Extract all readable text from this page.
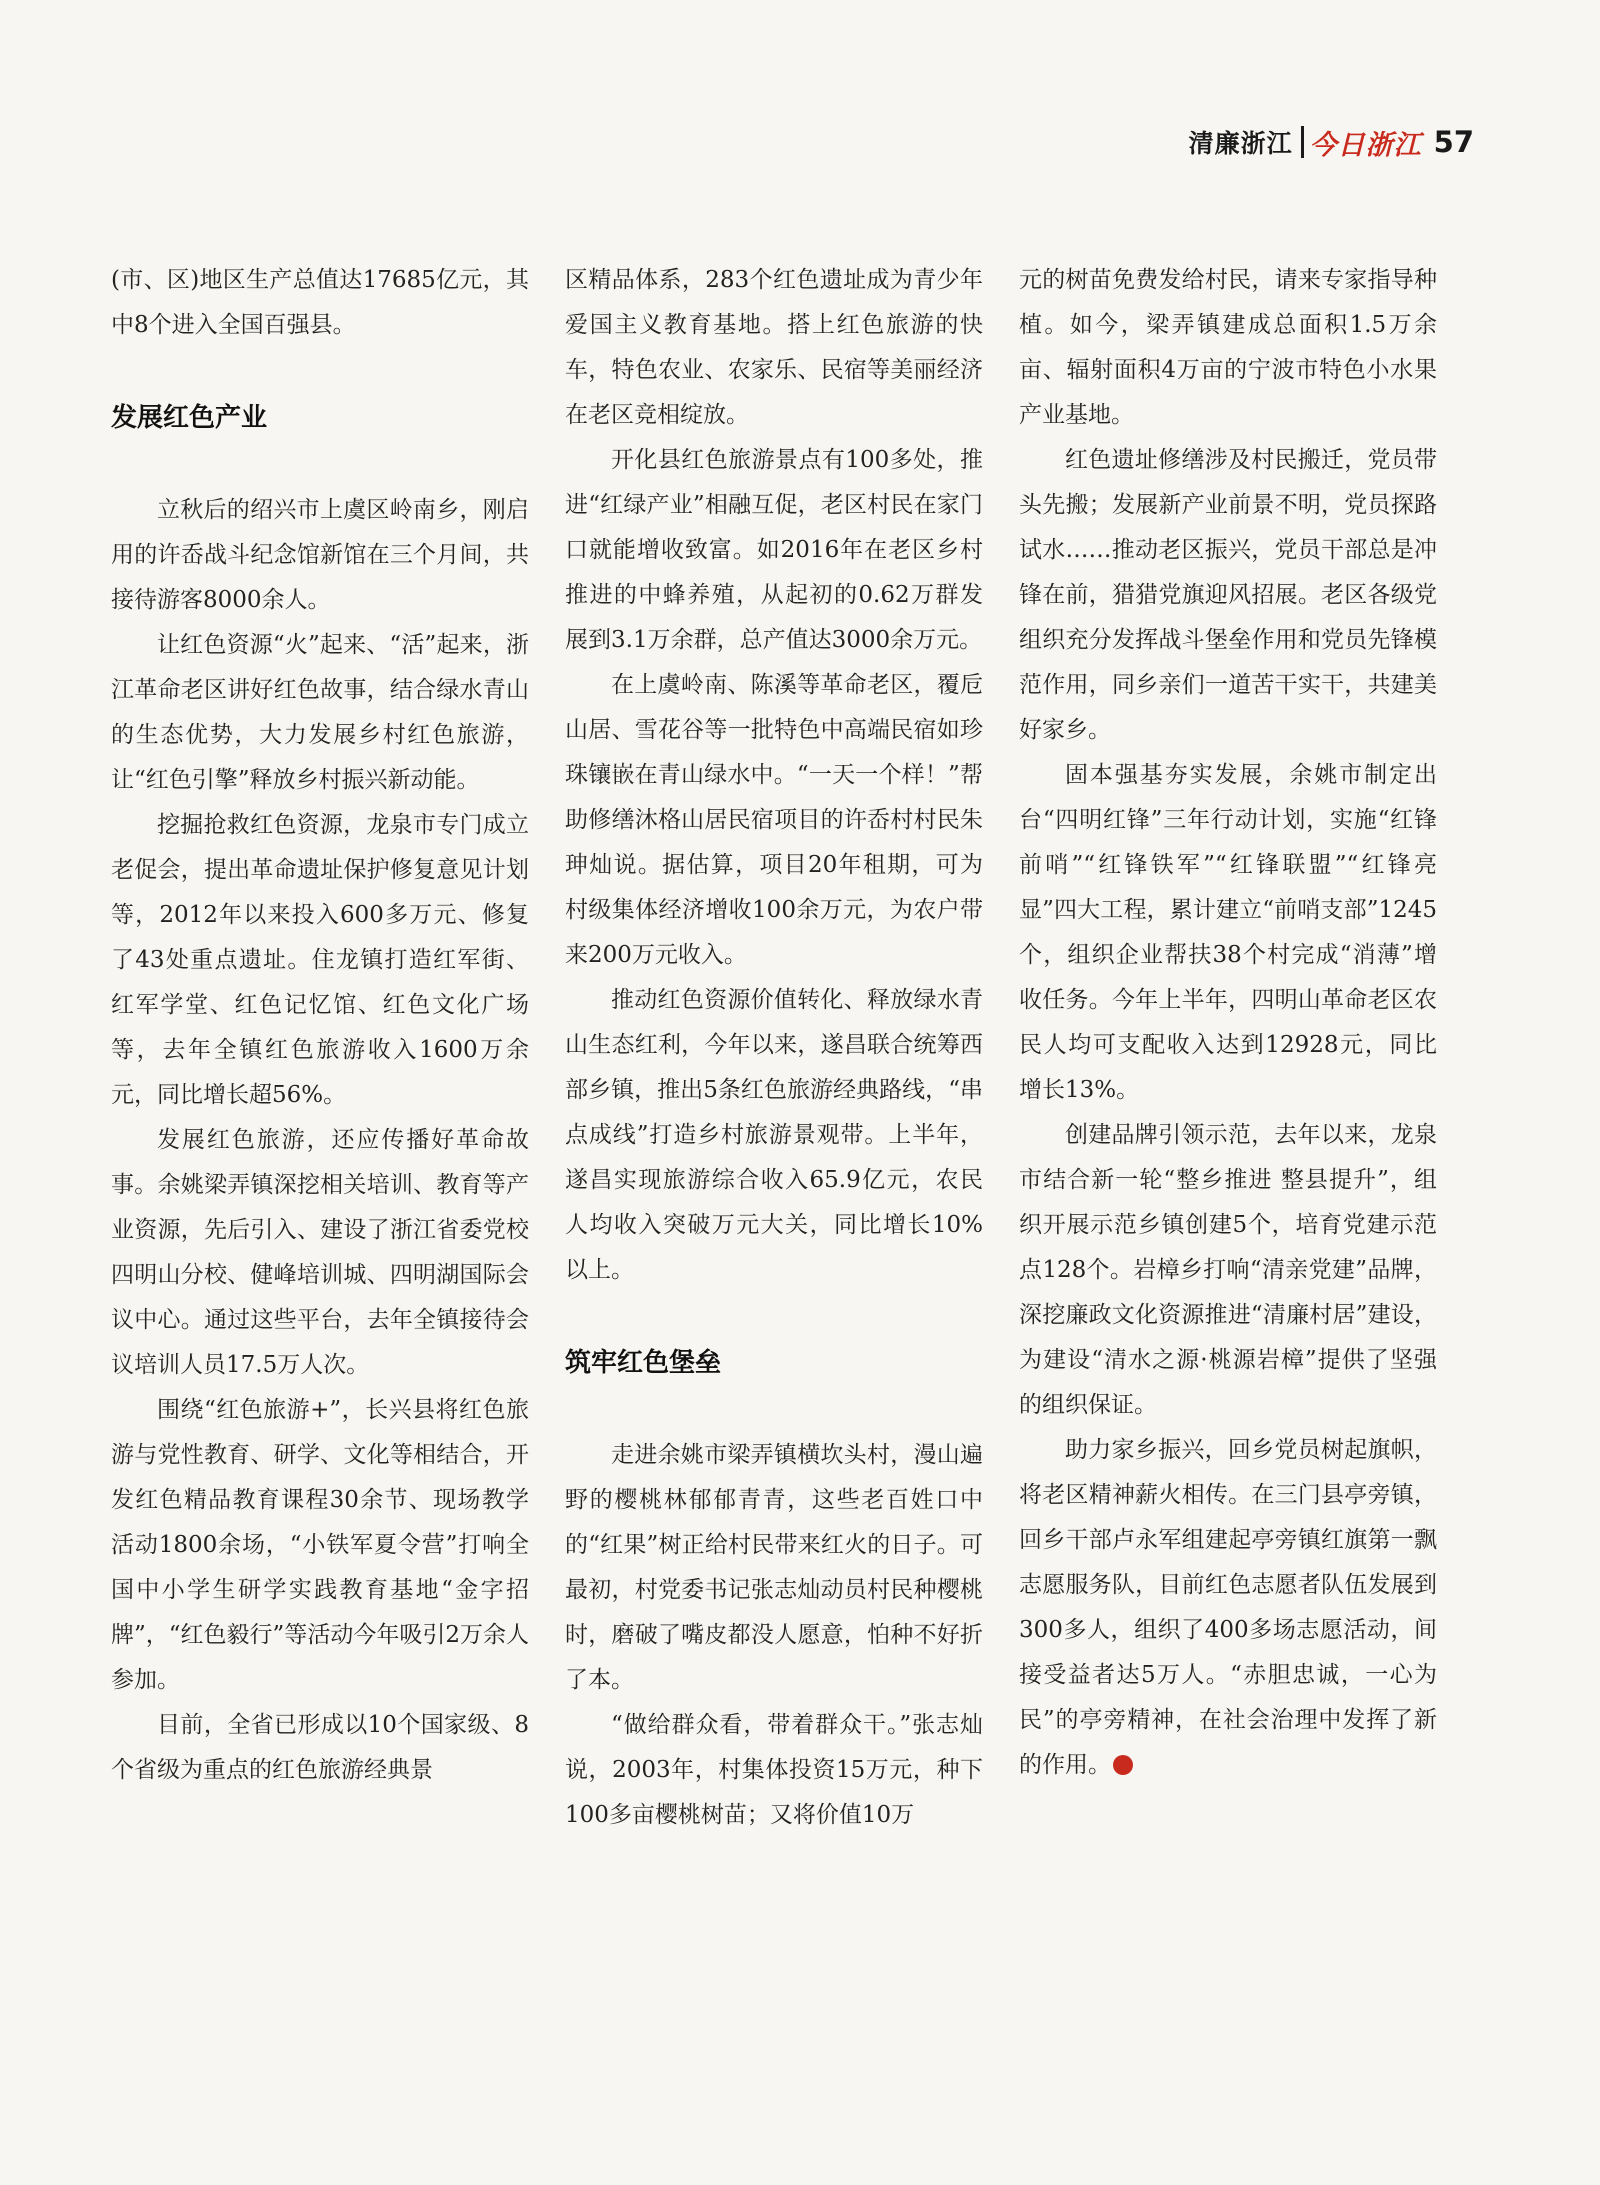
清廉浙江 今日浙江 57

(市、区)地区生产总值达17685亿元，其中8个进入全国百强县。

发展红色产业

立秋后的绍兴市上虞区岭南乡，刚启用的许岙战斗纪念馆新馆在三个月间，共接待游客8000余人。

让红色资源“火”起来、“活”起来，浙江革命老区讲好红色故事，结合绿水青山的生态优势，大力发展乡村红色旅游，让“红色引擎”释放乡村振兴新动能。

挖掘抢救红色资源，龙泉市专门成立老促会，提出革命遗址保护修复意见计划等，2012年以来投入600多万元、修复了43处重点遗址。住龙镇打造红军街、红军学堂、红色记忆馆、红色文化广场等，去年全镇红色旅游收入1600万余元，同比增长超56%。

发展红色旅游，还应传播好革命故事。余姚梁弄镇深挖相关培训、教育等产业资源，先后引入、建设了浙江省委党校四明山分校、健峰培训城、四明湖国际会议中心。通过这些平台，去年全镇接待会议培训人员17.5万人次。

围绕“红色旅游+”，长兴县将红色旅游与党性教育、研学、文化等相结合，开发红色精品教育课程30余节、现场教学活动1800余场，“小铁军夏令营”打响全国中小学生研学实践教育基地“金字招牌”，“红色毅行”等活动今年吸引2万余人参加。

目前，全省已形成以10个国家级、8个省级为重点的红色旅游经典景

区精品体系，283个红色遗址成为青少年爱国主义教育基地。搭上红色旅游的快车，特色农业、农家乐、民宿等美丽经济在老区竞相绽放。

开化县红色旅游景点有100多处，推进“红绿产业”相融互促，老区村民在家门口就能增收致富。如2016年在老区乡村推进的中蜂养殖，从起初的0.62万群发展到3.1万余群，总产值达3000余万元。

在上虞岭南、陈溪等革命老区，覆卮山居、雪花谷等一批特色中高端民宿如珍珠镶嵌在青山绿水中。“一天一个样！”帮助修缮沐格山居民宿项目的许岙村村民朱珅灿说。据估算，项目20年租期，可为村级集体经济增收100余万元，为农户带来200万元收入。

推动红色资源价值转化、释放绿水青山生态红利，今年以来，遂昌联合统筹西部乡镇，推出5条红色旅游经典路线，“串点成线”打造乡村旅游景观带。上半年，遂昌实现旅游综合收入65.9亿元，农民人均收入突破万元大关，同比增长10%以上。

筑牢红色堡垒

走进余姚市梁弄镇横坎头村，漫山遍野的樱桃林郁郁青青，这些老百姓口中的“红果”树正给村民带来红火的日子。可最初，村党委书记张志灿动员村民种樱桃时，磨破了嘴皮都没人愿意，怕种不好折了本。

“做给群众看，带着群众干。”张志灿说，2003年，村集体投资15万元，种下100多亩樱桃树苗；又将价值10万

元的树苗免费发给村民，请来专家指导种植。如今，梁弄镇建成总面积1.5万余亩、辐射面积4万亩的宁波市特色小水果产业基地。

红色遗址修缮涉及村民搬迁，党员带头先搬；发展新产业前景不明，党员探路试水……推动老区振兴，党员干部总是冲锋在前，猎猎党旗迎风招展。老区各级党组织充分发挥战斗堡垒作用和党员先锋模范作用，同乡亲们一道苦干实干，共建美好家乡。

固本强基夯实发展，余姚市制定出台“四明红锋”三年行动计划，实施“红锋前哨”“红锋铁军”“红锋联盟”“红锋亮显”四大工程，累计建立“前哨支部”1245个，组织企业帮扶38个村完成“消薄”增收任务。今年上半年，四明山革命老区农民人均可支配收入达到12928元，同比增长13%。

创建品牌引领示范，去年以来，龙泉市结合新一轮“整乡推进 整县提升”，组织开展示范乡镇创建5个，培育党建示范点128个。岩樟乡打响“清亲党建”品牌，深挖廉政文化资源推进“清廉村居”建设，为建设“清水之源·桃源岩樟”提供了坚强的组织保证。

助力家乡振兴，回乡党员树起旗帜，将老区精神薪火相传。在三门县亭旁镇，回乡干部卢永军组建起亭旁镇红旗第一飘志愿服务队，目前红色志愿者队伍发展到300多人，组织了400多场志愿活动，间接受益者达5万人。“赤胆忠诚，一心为民”的亭旁精神，在社会治理中发挥了新的作用。
